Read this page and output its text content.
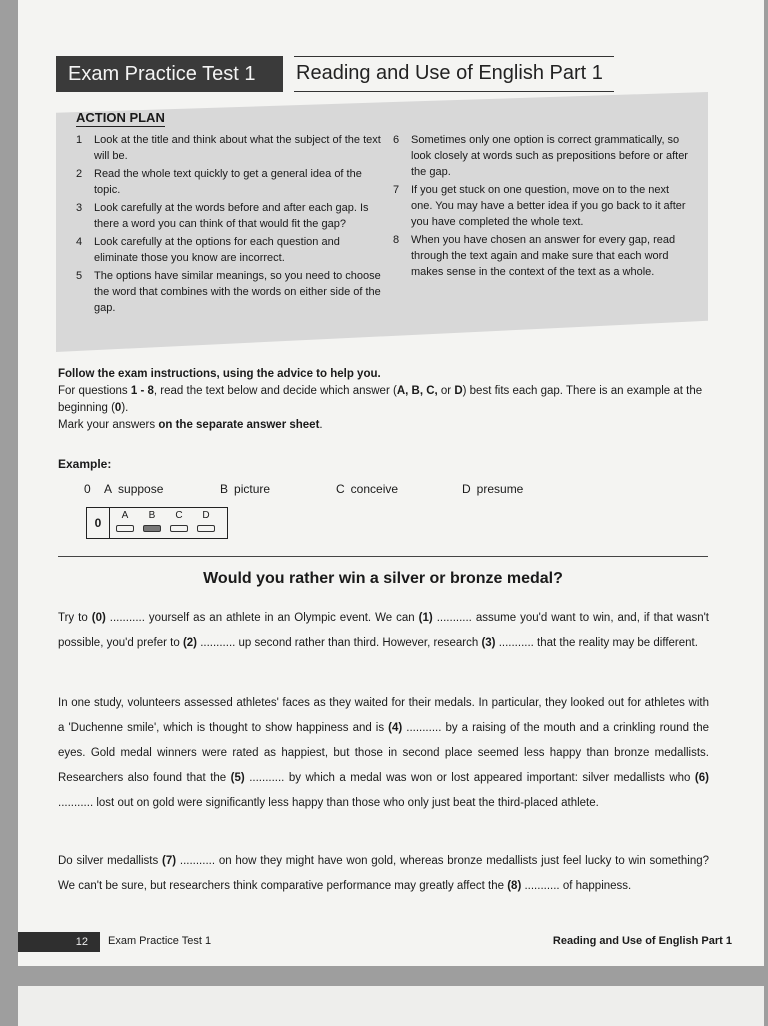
Exam Practice Test 1	Reading and Use of English Part 1
ACTION PLAN
1	Look at the title and think about what the subject of the text will be.
2	Read the whole text quickly to get a general idea of the topic.
3	Look carefully at the words before and after each gap. Is there a word you can think of that would fit the gap?
4	Look carefully at the options for each question and eliminate those you know are incorrect.
5	The options have similar meanings, so you need to choose the word that combines with the words on either side of the gap.
6	Sometimes only one option is correct grammatically, so look closely at words such as prepositions before or after the gap.
7	If you get stuck on one question, move on to the next one. You may have a better idea if you go back to it after you have completed the whole text.
8	When you have chosen an answer for every gap, read through the text again and make sure that each word makes sense in the context of the text as a whole.

Follow the exam instructions, using the advice to help you.

For questions 1 - 8, read the text below and decide which answer (A, B, C, or D) best fits each gap. There is an example at the beginning (0).

Mark your answers on the separate answer sheet.

Example:
0 A suppose	B picture	C conceive	D presume
0
A	B	C	D
Would you rather win a silver or bronze medal?
Try to (0) ........... yourself as an athlete in an Olympic event. We can (1) ........... assume you'd want to win, and, if that wasn't possible, you'd prefer to (2) ........... up second rather than third. However, research (3) ........... that the reality may be different.
In one study, volunteers assessed athletes' faces as they waited for their medals. In particular, they looked out for athletes with a 'Duchenne smile', which is thought to show happiness and is (4) ........... by a raising of the mouth and a crinkling round the eyes. Gold medal winners were rated as happiest, but those in second place seemed less happy than bronze medallists. Researchers also found that the (5) ........... by which a medal was won or lost appeared important: silver medallists who (6) ........... lost out on gold were significantly less happy than those who only just beat the third-placed athlete.
Do silver medallists (7) ........... on how they might have won gold, whereas bronze medallists just feel lucky to win something? We can't be sure, but researchers think comparative performance may greatly affect the (8) ........... of happiness.
12	Exam Practice Test 1	Reading and Use of English Part 1
